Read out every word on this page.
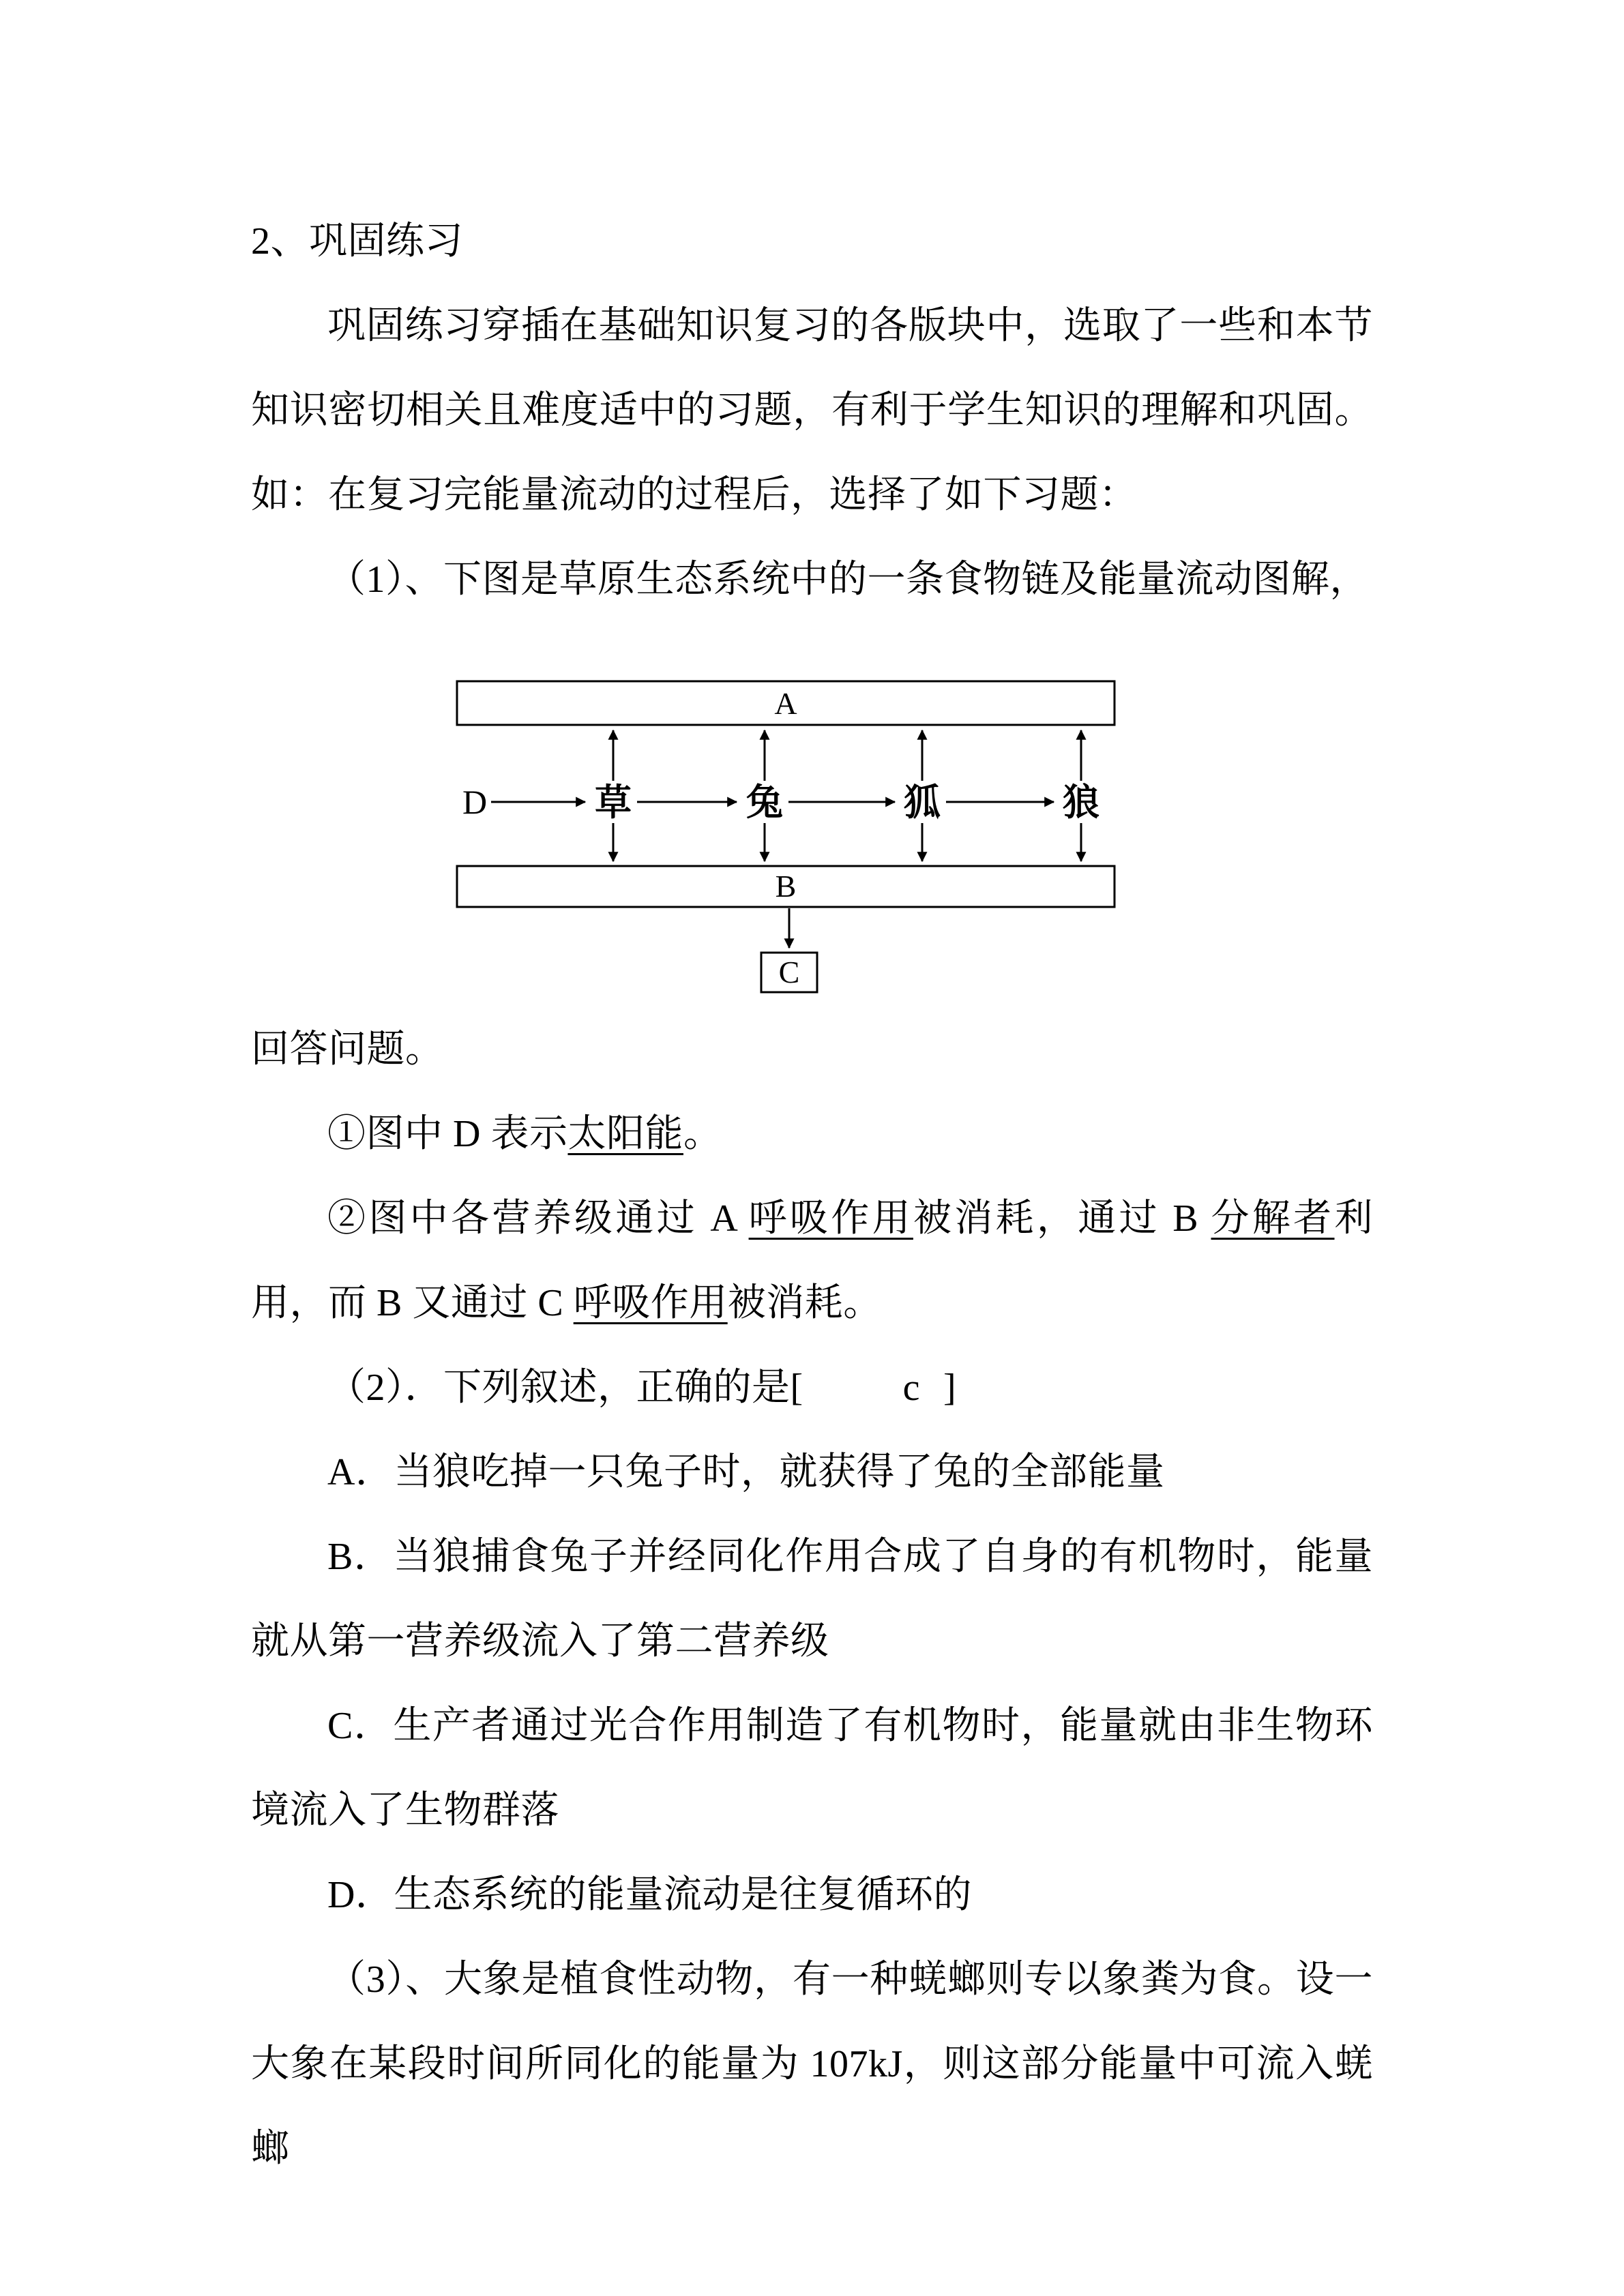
2、巩固练习

巩固练习穿插在基础知识复习的各版块中，选取了一些和本节知识密切相关且难度适中的习题，有利于学生知识的理解和巩固。如：在复习完能量流动的过程后，选择了如下习题：

（1）、下图是草原生态系统中的一条食物链及能量流动图解，

A
B
C
D	草	兔	狐	狼

回答问题。

①图中 D 表示太阳能。

②图中各营养级通过 A 呼吸作用被消耗，通过 B 分解者利用，而 B 又通过 C 呼吸作用被消耗。

（2）．下列叙述，正确的是[	c ]

A．当狼吃掉一只兔子时，就获得了兔的全部能量

B．当狼捕食兔子并经同化作用合成了自身的有机物时，能量就从第一营养级流入了第二营养级

C．生产者通过光合作用制造了有机物时，能量就由非生物环境流入了生物群落

D．生态系统的能量流动是往复循环的

（3）、大象是植食性动物，有一种蜣螂则专以象粪为食。设一大象在某段时间所同化的能量为 107kJ，则这部分能量中可流入蜣螂
